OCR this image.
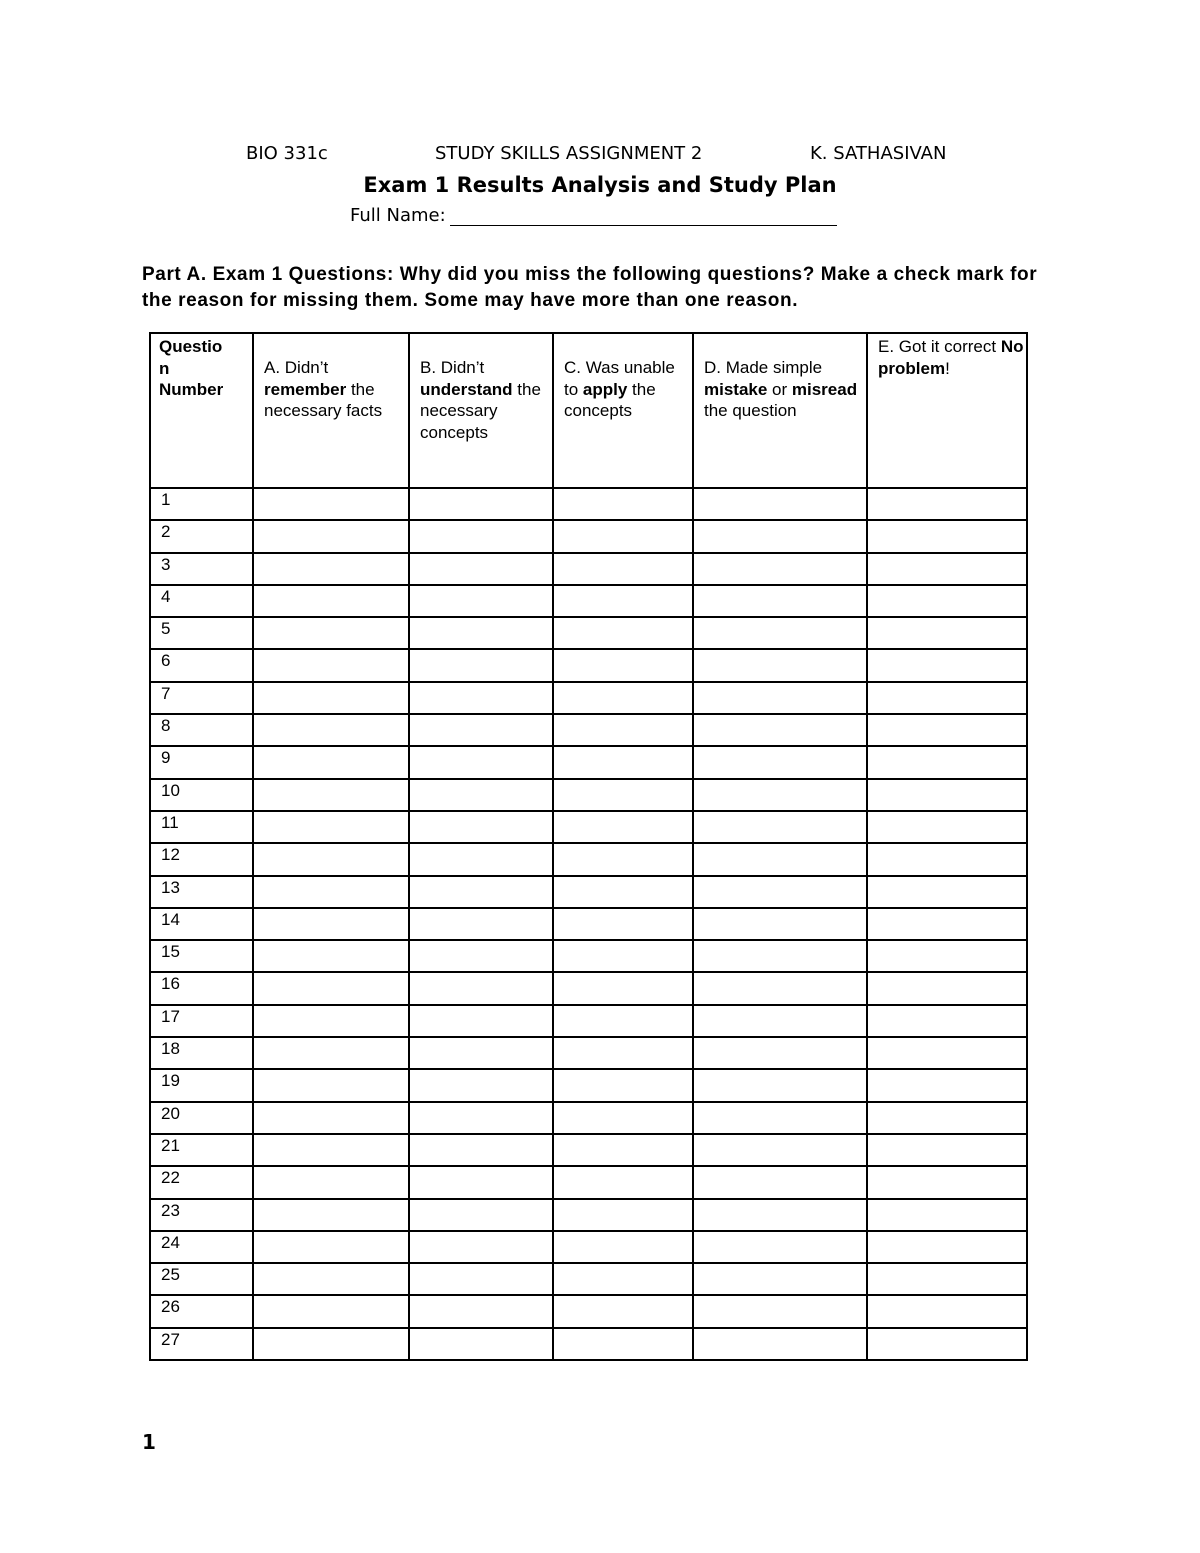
BIO 331c	STUDY SKILLS ASSIGNMENT 2	K. SATHASIVAN
Exam 1 Results Analysis and Study Plan
Full Name:
Part A. Exam 1 Questions: Why did you miss the following questions? Make a check mark for the reason for missing them. Some may have more than one reason.
Questio
n
Number	A. Didn’t remember the necessary facts	B. Didn’t understand the necessary concepts	C. Was unable to apply the concepts	D. Made simple mistake or misread the question	E. Got it correct No problem!
1					
2					
3					
4					
5					
6					
7					
8					
9					
10					
11					
12					
13					
14					
15					
16					
17					
18					
19					
20					
21					
22					
23					
24					
25					
26					
27					
1
